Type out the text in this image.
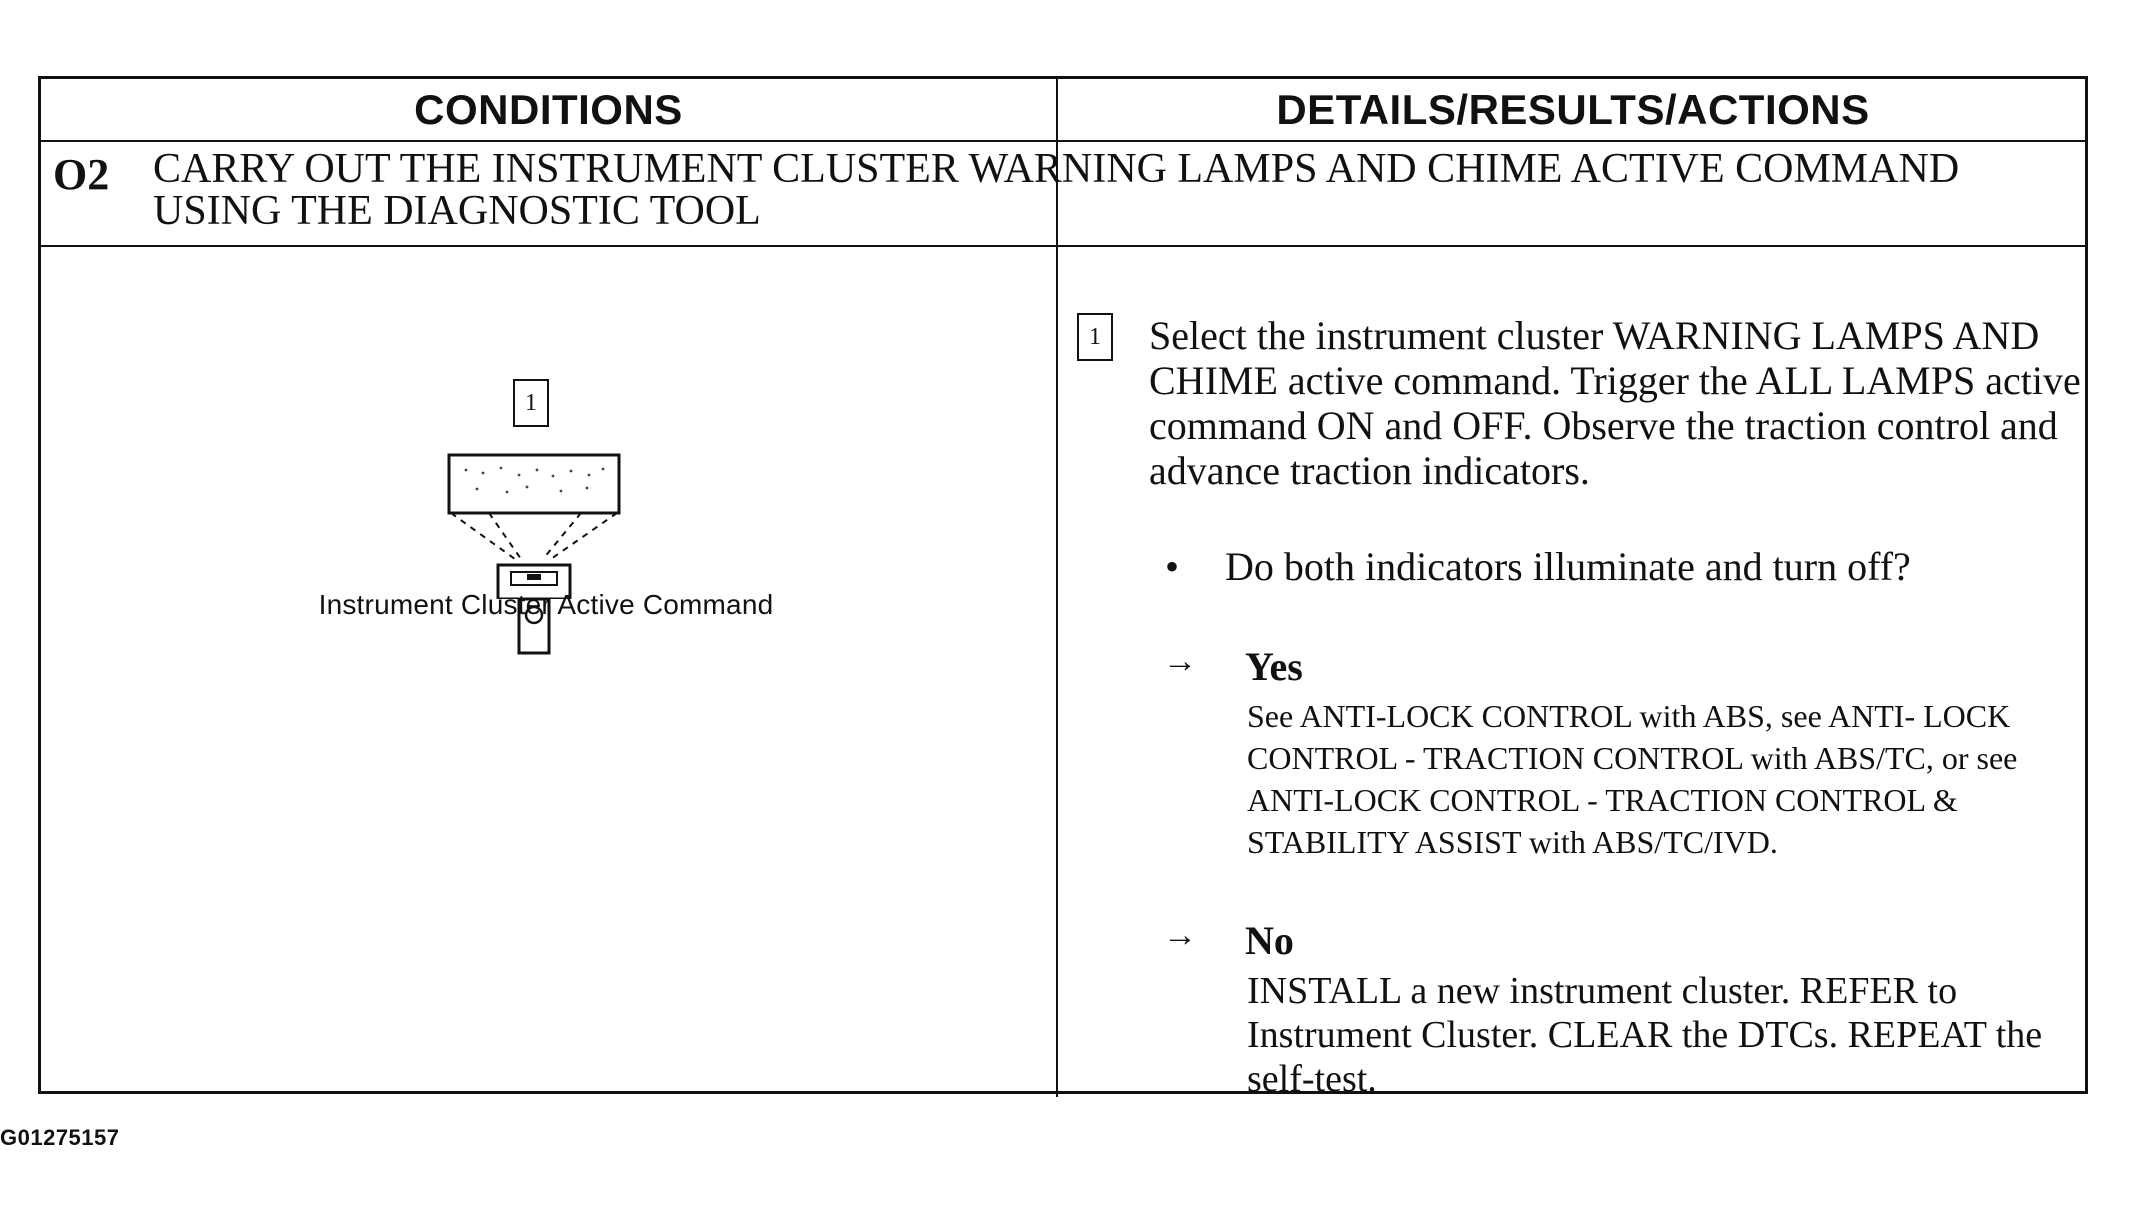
CONDITIONS	DETAILS/RESULTS/ACTIONS
O2 CARRY OUT THE INSTRUMENT CLUSTER WARNING LAMPS AND CHIME ACTIVE COMMAND USING THE DIAGNOSTIC TOOL
1
Instrument Cluster Active Command
1	Select the instrument cluster WARNING LAMPS AND CHIME active command. Trigger the ALL LAMPS active command ON and OFF. Observe the traction control and advance traction indicators.
•	Do both indicators illuminate and turn off?
→ Yes
See ANTI-LOCK CONTROL with ABS, see ANTI- LOCK CONTROL - TRACTION CONTROL with ABS/TC, or see ANTI-LOCK CONTROL - TRACTION CONTROL & STABILITY ASSIST with ABS/TC/IVD.
→ No
INSTALL a new instrument cluster. REFER to Instrument Cluster. CLEAR the DTCs. REPEAT the self-test.
G01275157
